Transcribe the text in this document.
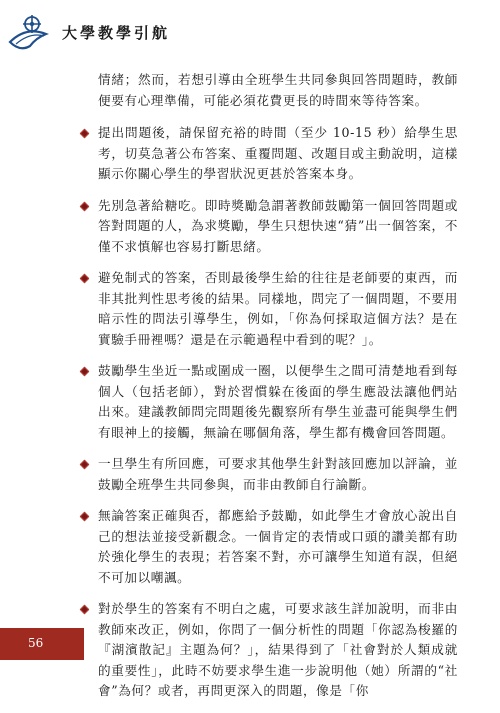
大學教學引航

情緒；然而，若想引導由全班學生共同參與回答問題時，教師便要有心理準備，可能必須花費更長的時間來等待答案。

提出問題後，請保留充裕的時間（至少 10-15 秒）給學生思考，切莫急著公布答案、重覆問題、改題目或主動說明，這樣顯示你關心學生的學習狀況更甚於答案本身。
先別急著給糖吃。即時獎勵急謂著教師鼓勵第一個回答問題或答對問題的人，為求獎勵，學生只想快速“猜”出一個答案，不僅不求慎解也容易打斷思緒。
避免制式的答案，否則最後學生給的往往是老師要的東西，而非其批判性思考後的結果。同樣地，問完了一個問題，不要用暗示性的問法引導學生，例如，「你為何採取這個方法？是在實驗手冊裡嗎？還是在示範過程中看到的呢？」。
鼓勵學生坐近一點或圍成一圈，以便學生之間可清楚地看到每個人（包括老師），對於習慣躲在後面的學生應設法讓他們站出來。建議教師問完問題後先觀察所有學生並盡可能與學生們有眼神上的接觸，無論在哪個角落，學生都有機會回答問題。
一旦學生有所回應，可要求其他學生針對該回應加以評論，並鼓勵全班學生共同參與，而非由教師自行論斷。
無論答案正確與否，都應給予鼓勵，如此學生才會放心說出自己的想法並接受新觀念。一個肯定的表情或口頭的讚美都有助於強化學生的表現；若答案不對，亦可讓學生知道有誤，但絕不可加以嘲諷。
對於學生的答案有不明白之處，可要求該生詳加說明，而非由教師來改正，例如，你問了一個分析性的問題「你認為梭羅的『湖濱散記』主題為何？」，結果得到了「社會對於人類成就的重要性」，此時不妨要求學生進一步說明他（她）所謂的“社會”為何？或者，再問更深入的問題，像是「你
56
